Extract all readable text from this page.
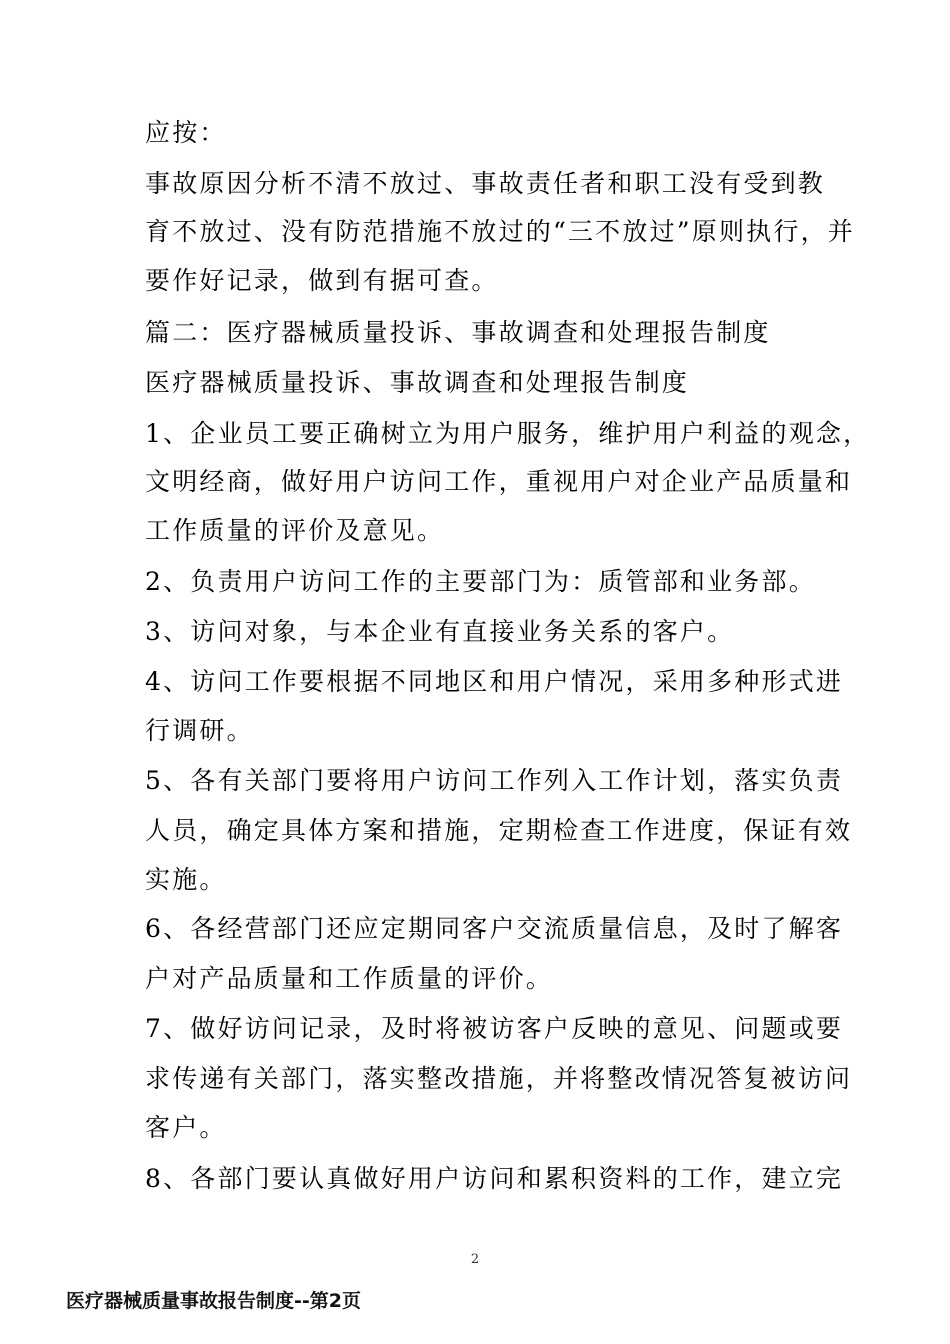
应按：
事故原因分析不清不放过、事故责任者和职工没有受到教
育不放过、没有防范措施不放过的“三不放过”原则执行，并
要作好记录，做到有据可查。
篇二：医疗器械质量投诉、事故调查和处理报告制度
医疗器械质量投诉、事故调查和处理报告制度
1、企业员工要正确树立为用户服务，维护用户利益的观念，
文明经商，做好用户访问工作，重视用户对企业产品质量和
工作质量的评价及意见。
2、负责用户访问工作的主要部门为：质管部和业务部。
3、访问对象，与本企业有直接业务关系的客户。
4、访问工作要根据不同地区和用户情况，采用多种形式进
行调研。
5、各有关部门要将用户访问工作列入工作计划，落实负责
人员，确定具体方案和措施，定期检查工作进度，保证有效
实施。
6、各经营部门还应定期同客户交流质量信息，及时了解客
户对产品质量和工作质量的评价。
7、做好访问记录，及时将被访客户反映的意见、问题或要
求传递有关部门，落实整改措施，并将整改情况答复被访问
客户。
8、各部门要认真做好用户访问和累积资料的工作，建立完
2
医疗器械质量事故报告制度--第2页
